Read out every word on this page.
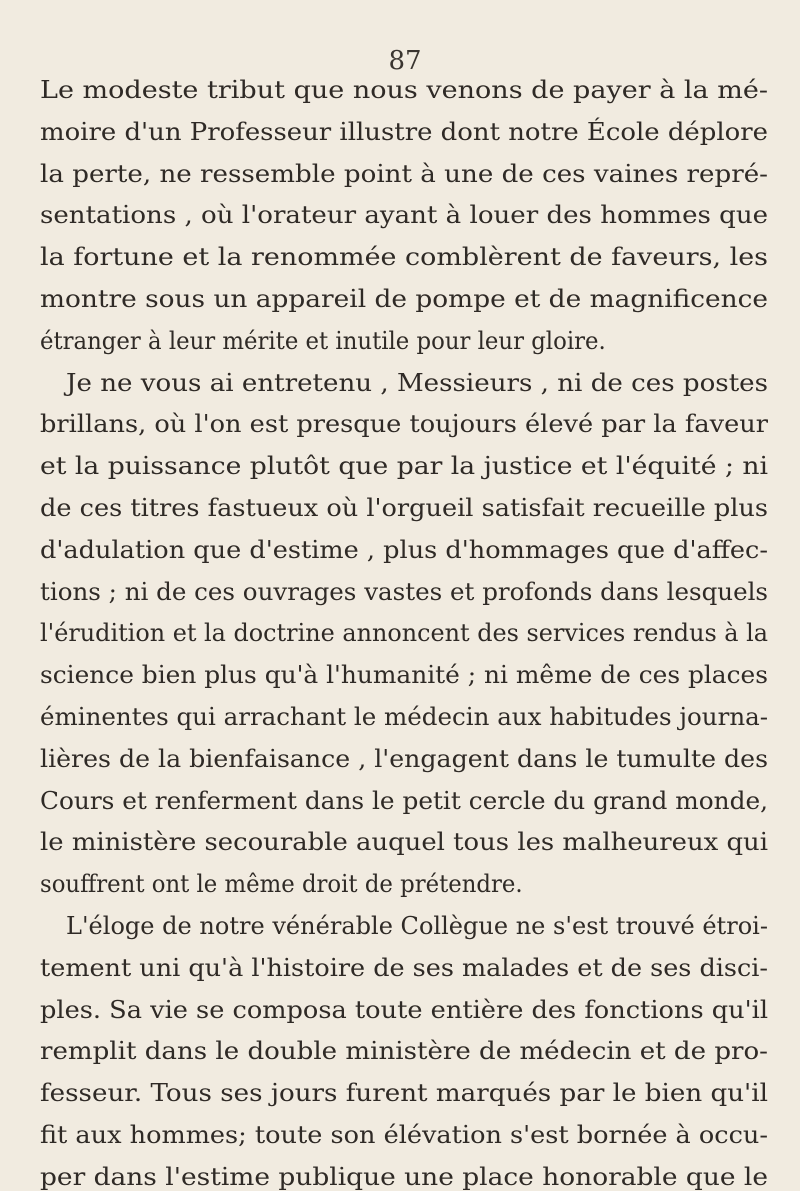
87
Le modeste tribut que nous venons de payer à la mé-
moire d'un Professeur illustre dont notre École déplore
la perte, ne ressemble point à une de ces vaines repré-
sentations , où l'orateur ayant à louer des hommes que
la fortune et la renommée comblèrent de faveurs, les
montre sous un appareil de pompe et de magnificence
étranger à leur mérite et inutile pour leur gloire.
Je ne vous ai entretenu , Messieurs , ni de ces postes
brillans, où l'on est presque toujours élevé par la faveur
et la puissance plutôt que par la justice et l'équité ; ni
de ces titres fastueux où l'orgueil satisfait recueille plus
d'adulation que d'estime , plus d'hommages que d'affec-
tions ; ni de ces ouvrages vastes et profonds dans lesquels
l'érudition et la doctrine annoncent des services rendus à la
science bien plus qu'à l'humanité ; ni même de ces places
éminentes qui arrachant le médecin aux habitudes journa-
lières de la bienfaisance , l'engagent dans le tumulte des
Cours et renferment dans le petit cercle du grand monde,
le ministère secourable auquel tous les malheureux qui
souffrent ont le même droit de prétendre.
L'éloge de notre vénérable Collègue ne s'est trouvé étroi-
tement uni qu'à l'histoire de ses malades et de ses disci-
ples. Sa vie se composa toute entière des fonctions qu'il
remplit dans le double ministère de médecin et de pro-
fesseur. Tous ses jours furent marqués par le bien qu'il
fit aux hommes; toute son élévation s'est bornée à occu-
per dans l'estime publique une place honorable que le
